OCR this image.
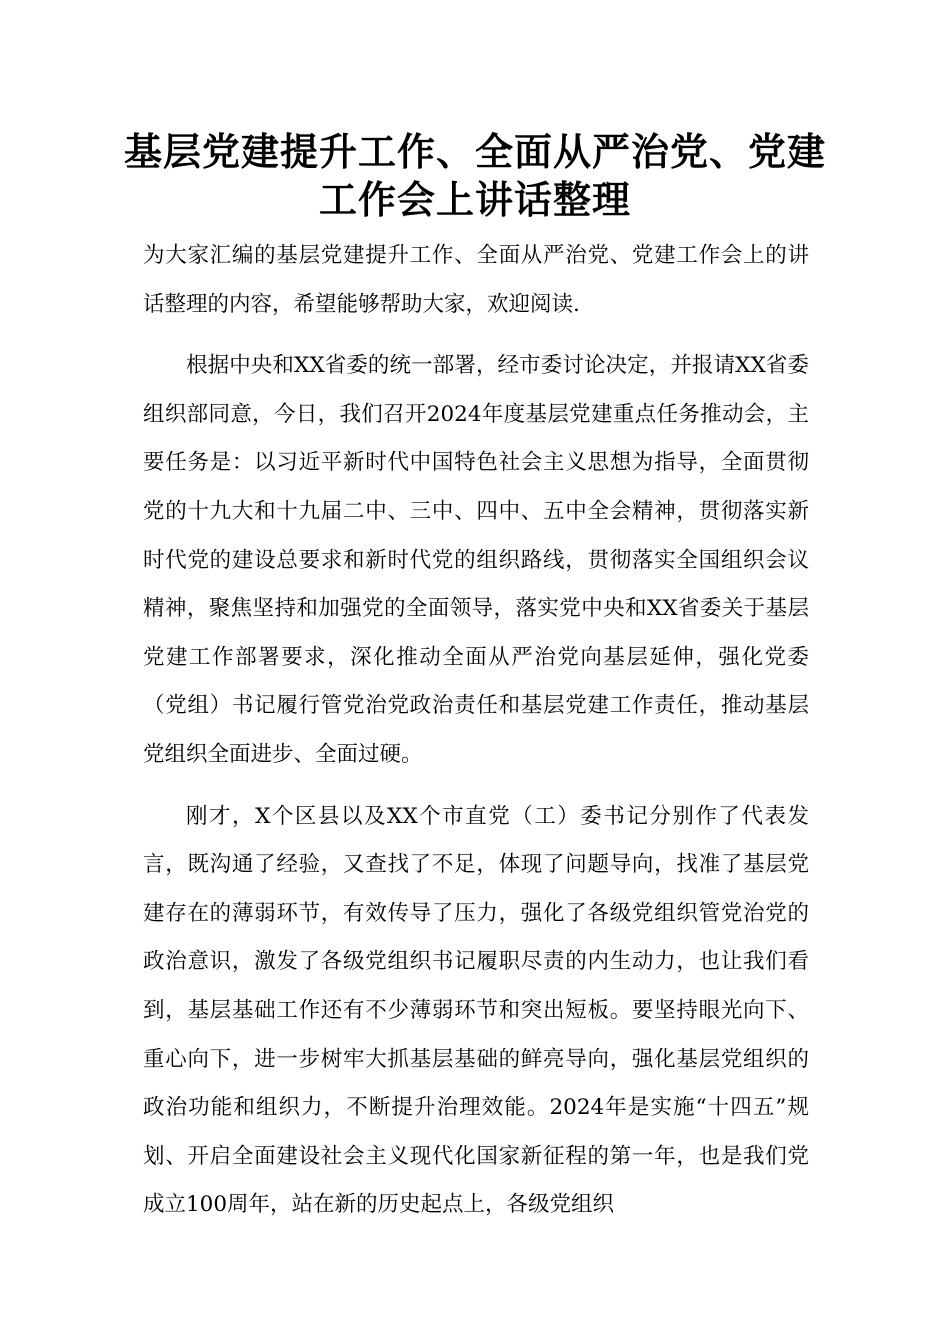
基层党建提升工作、全面从严治党、党建工作会上讲话整理

为大家汇编的基层党建提升工作、全面从严治党、党建工作会上的讲话整理的内容，希望能够帮助大家，欢迎阅读.

根据中央和XX省委的统一部署，经市委讨论决定，并报请XX省委组织部同意，今日，我们召开2024年度基层党建重点任务推动会，主要任务是：以习近平新时代中国特色社会主义思想为指导，全面贯彻党的十九大和十九届二中、三中、四中、五中全会精神，贯彻落实新时代党的建设总要求和新时代党的组织路线，贯彻落实全国组织会议精神，聚焦坚持和加强党的全面领导，落实党中央和XX省委关于基层党建工作部署要求，深化推动全面从严治党向基层延伸，强化党委（党组）书记履行管党治党政治责任和基层党建工作责任，推动基层党组织全面进步、全面过硬。

刚才，X个区县以及XX个市直党（工）委书记分别作了代表发言，既沟通了经验，又查找了不足，体现了问题导向，找准了基层党建存在的薄弱环节，有效传导了压力，强化了各级党组织管党治党的政治意识，激发了各级党组织书记履职尽责的内生动力，也让我们看到，基层基础工作还有不少薄弱环节和突出短板。要坚持眼光向下、重心向下，进一步树牢大抓基层基础的鲜亮导向，强化基层党组织的政治功能和组织力，不断提升治理效能。2024年是实施“十四五”规划、开启全面建设社会主义现代化国家新征程的第一年，也是我们党成立100周年，站在新的历史起点上，各级党组织
